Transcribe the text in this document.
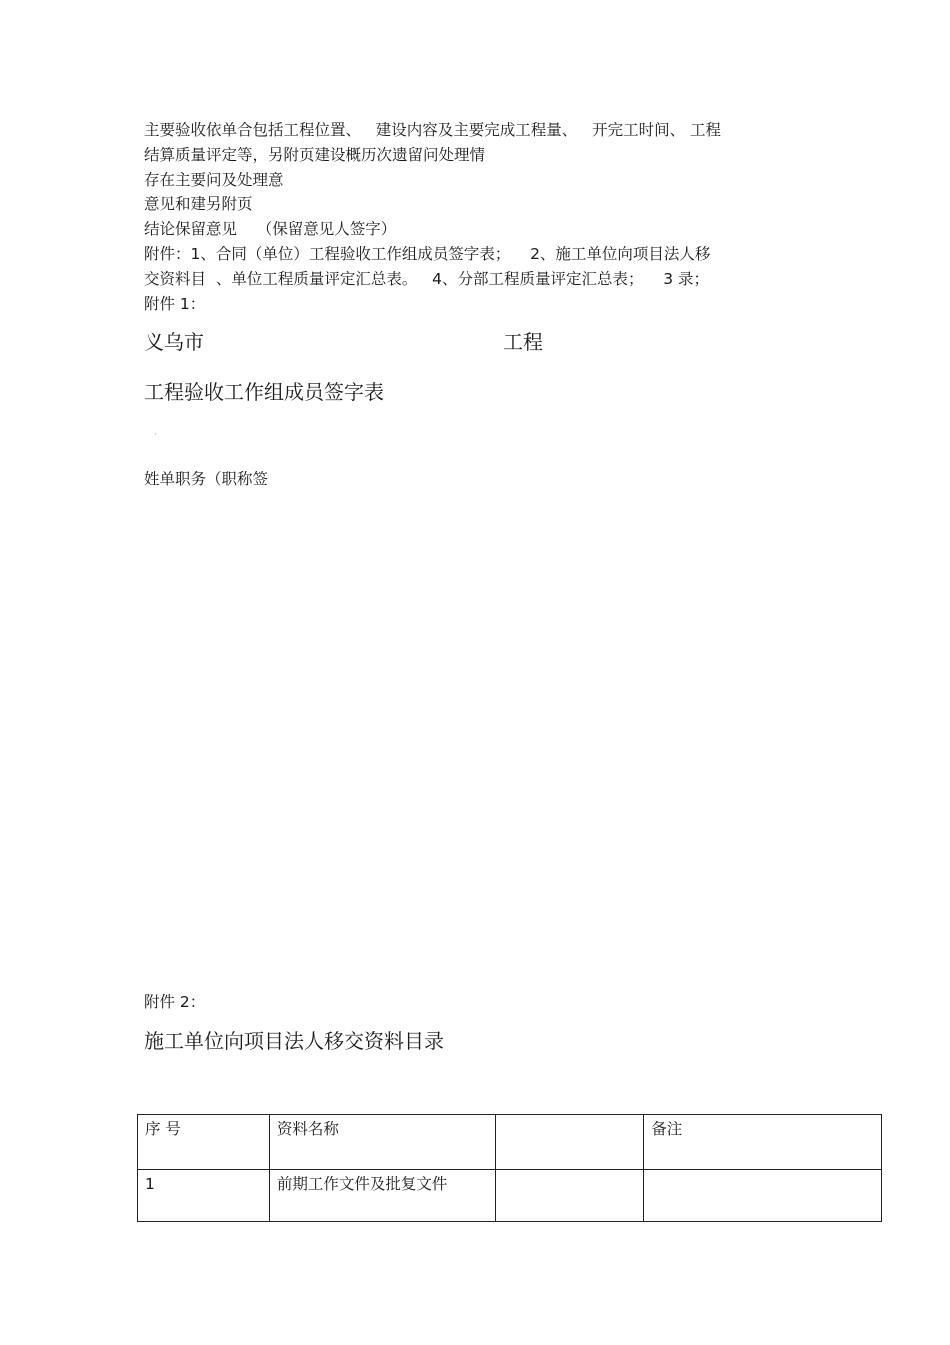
主要验收依单合包括工程位置、   建设内容及主要完成工程量、   开完工时间、 工程
结算质量评定等，另附页建设概历次遗留问处理情
存在主要问及处理意
意见和建另附页
结论保留意见    （保留意见人签字）
附件：1、合同（单位）工程验收工作组成员签字表；    2、施工单位向项目法人移
交资料目  、单位工程质量评定汇总表。   4、分部工程质量评定汇总表；    3 录；
附件 1：
义乌市	工程
工程验收工作组成员签字表
·
姓单职务（职称签
附件 2：
施工单位向项目法人移交资料目录
序 号	资料名称		备注
1	前期工作文件及批复文件		
